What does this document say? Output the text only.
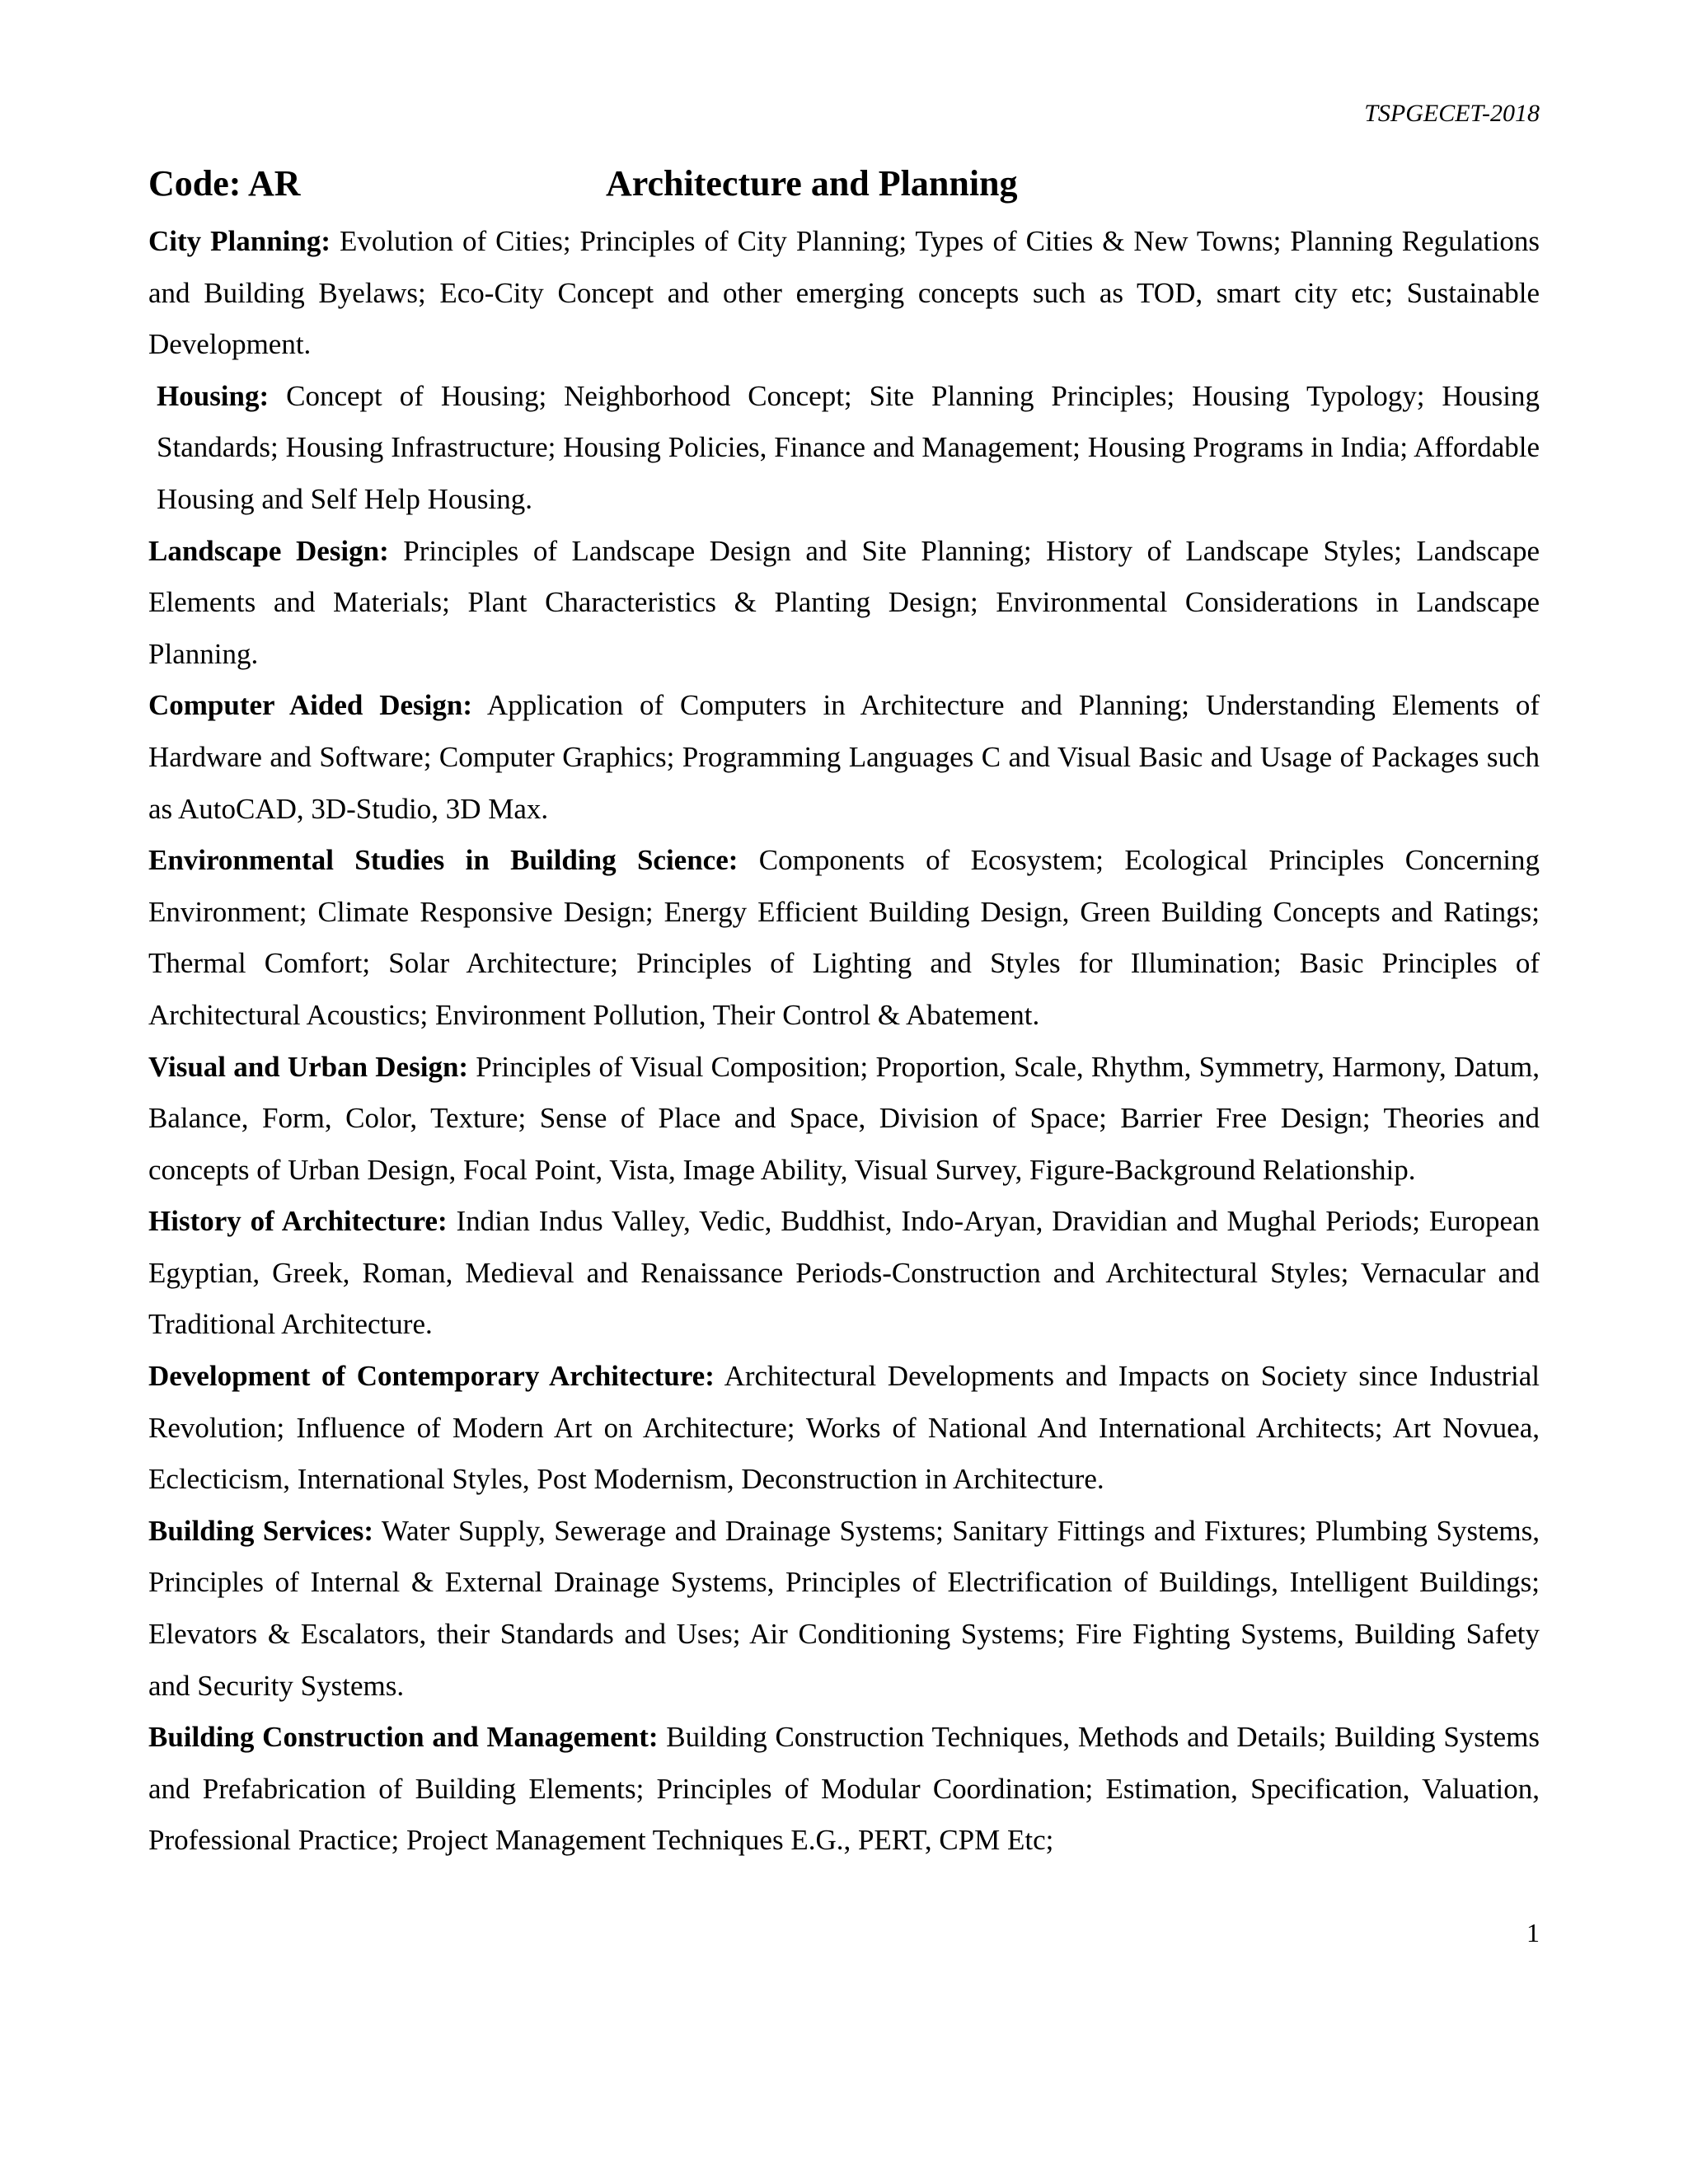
TSPGECET-2018
Code: AR	Architecture and Planning

City Planning: Evolution of Cities; Principles of City Planning; Types of Cities & New Towns; Planning Regulations and Building Byelaws; Eco-City Concept and other emerging concepts such as TOD, smart city etc; Sustainable Development.

Housing: Concept of Housing; Neighborhood Concept; Site Planning Principles; Housing Typology; Housing Standards; Housing Infrastructure; Housing Policies, Finance and Management; Housing Programs in India; Affordable Housing and Self Help Housing.

Landscape Design: Principles of Landscape Design and Site Planning; History of Landscape Styles; Landscape Elements and Materials; Plant Characteristics & Planting Design; Environmental Considerations in Landscape Planning.

Computer Aided Design: Application of Computers in Architecture and Planning; Understanding Elements of Hardware and Software; Computer Graphics; Programming Languages C and Visual Basic and Usage of Packages such as AutoCAD, 3D-Studio, 3D Max.

Environmental Studies in Building Science: Components of Ecosystem; Ecological Principles Concerning Environment; Climate Responsive Design; Energy Efficient Building Design, Green Building Concepts and Ratings; Thermal Comfort; Solar Architecture; Principles of Lighting and Styles for Illumination; Basic Principles of Architectural Acoustics; Environment Pollution, Their Control & Abatement.

Visual and Urban Design: Principles of Visual Composition; Proportion, Scale, Rhythm, Symmetry, Harmony, Datum, Balance, Form, Color, Texture; Sense of Place and Space, Division of Space; Barrier Free Design; Theories and concepts of Urban Design, Focal Point, Vista, Image Ability, Visual Survey, Figure-Background Relationship.

History of Architecture: Indian Indus Valley, Vedic, Buddhist, Indo-Aryan, Dravidian and Mughal Periods; European Egyptian, Greek, Roman, Medieval and Renaissance Periods-Construction and Architectural Styles; Vernacular and Traditional Architecture.

Development of Contemporary Architecture: Architectural Developments and Impacts on Society since Industrial Revolution; Influence of Modern Art on Architecture; Works of National And International Architects; Art Novuea, Eclecticism, International Styles, Post Modernism, Deconstruction in Architecture.

Building Services: Water Supply, Sewerage and Drainage Systems; Sanitary Fittings and Fixtures; Plumbing Systems, Principles of Internal & External Drainage Systems, Principles of Electrification of Buildings, Intelligent Buildings; Elevators & Escalators, their Standards and Uses; Air Conditioning Systems; Fire Fighting Systems, Building Safety and Security Systems.

Building Construction and Management: Building Construction Techniques, Methods and Details; Building Systems and Prefabrication of Building Elements; Principles of Modular Coordination; Estimation, Specification, Valuation, Professional Practice; Project Management Techniques E.G., PERT, CPM Etc;

1
